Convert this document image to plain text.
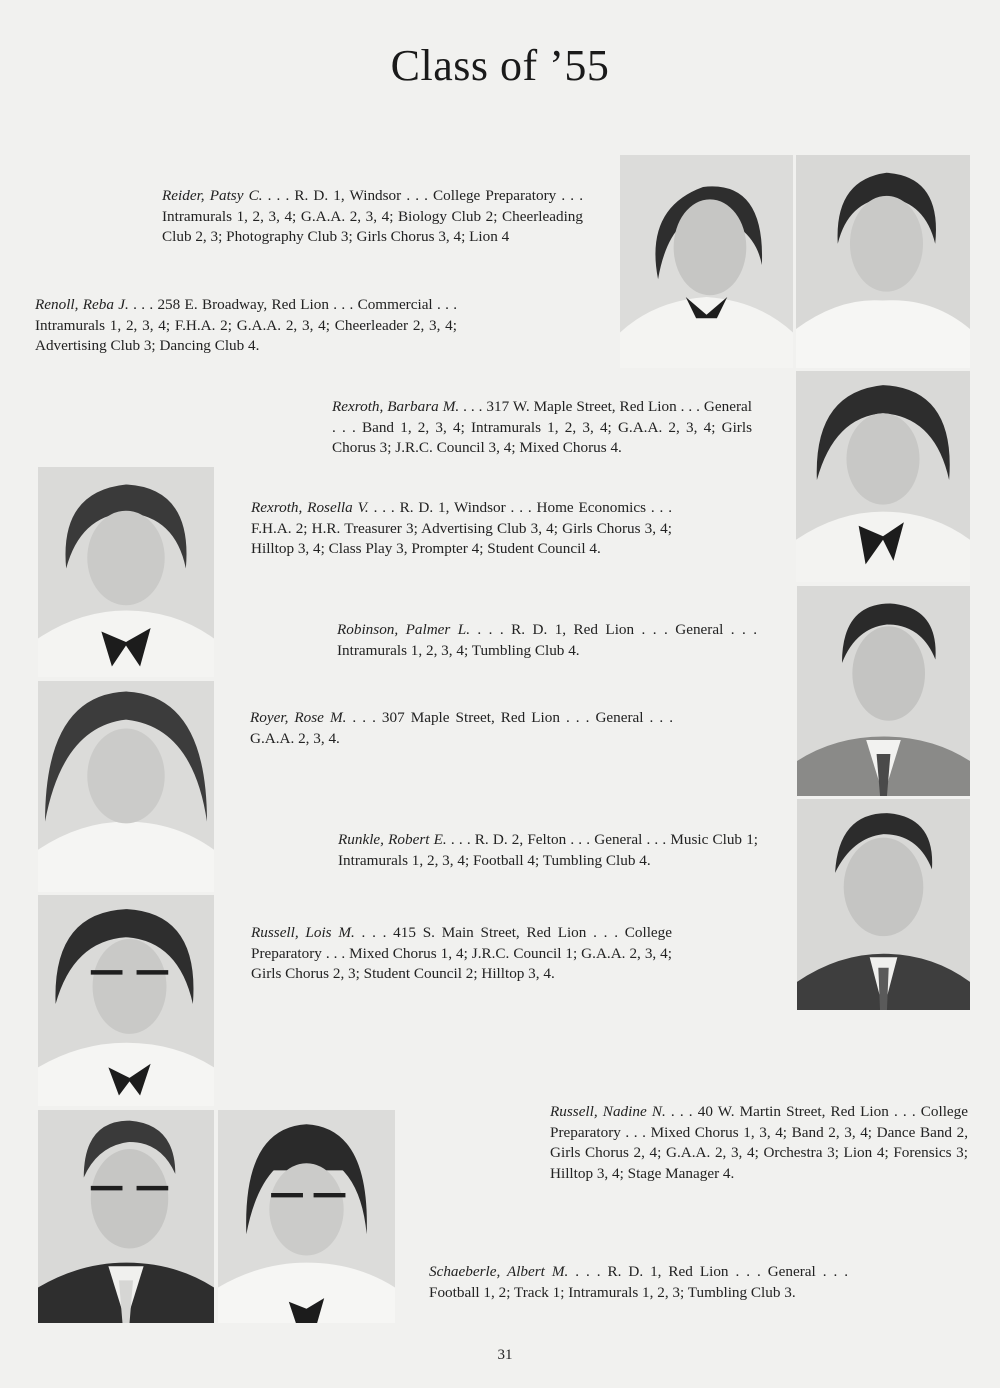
Class of ’55
Reider, Patsy C. . . . R. D. 1, Windsor . . . College Preparatory . . . Intramurals 1, 2, 3, 4; G.A.A. 2, 3, 4; Biology Club 2; Cheerleading Club 2, 3; Photography Club 3; Girls Chorus 3, 4; Lion 4
Renoll, Reba J. . . . 258 E. Broadway, Red Lion . . . Commercial . . . Intramurals 1, 2, 3, 4; F.H.A. 2; G.A.A. 2, 3, 4; Cheerleader 2, 3, 4; Advertising Club 3; Dancing Club 4.
Rexroth, Barbara M. . . . 317 W. Maple Street, Red Lion . . . General . . . Band 1, 2, 3, 4; Intramurals 1, 2, 3, 4; G.A.A. 2, 3, 4; Girls Chorus 3; J.R.C. Council 3, 4; Mixed Chorus 4.
Rexroth, Rosella V. . . . R. D. 1, Windsor . . . Home Economics . . . F.H.A. 2; H.R. Treasurer 3; Advertising Club 3, 4; Girls Chorus 3, 4; Hilltop 3, 4; Class Play 3, Prompter 4; Student Council 4.
Robinson, Palmer L. . . . R. D. 1, Red Lion . . . General . . . Intramurals 1, 2, 3, 4; Tumbling Club 4.
Royer, Rose M. . . . 307 Maple Street, Red Lion . . . General . . . G.A.A. 2, 3, 4.
Runkle, Robert E. . . . R. D. 2, Felton . . . General . . . Music Club 1; Intramurals 1, 2, 3, 4; Football 4; Tumbling Club 4.
Russell, Lois M. . . . 415 S. Main Street, Red Lion . . . College Preparatory . . . Mixed Chorus 1, 4; J.R.C. Council 1; G.A.A. 2, 3, 4; Girls Chorus 2, 3; Student Council 2; Hilltop 3, 4.
Russell, Nadine N. . . . 40 W. Martin Street, Red Lion . . . College Preparatory . . . Mixed Chorus 1, 3, 4; Band 2, 3, 4; Dance Band 2, Girls Chorus 2, 4; G.A.A. 2, 3, 4; Orchestra 3; Lion 4; Forensics 3; Hilltop 3, 4; Stage Manager 4.
Schaeberle, Albert M. . . . R. D. 1, Red Lion . . . General . . . Football 1, 2; Track 1; Intramurals 1, 2, 3; Tumbling Club 3.
31
